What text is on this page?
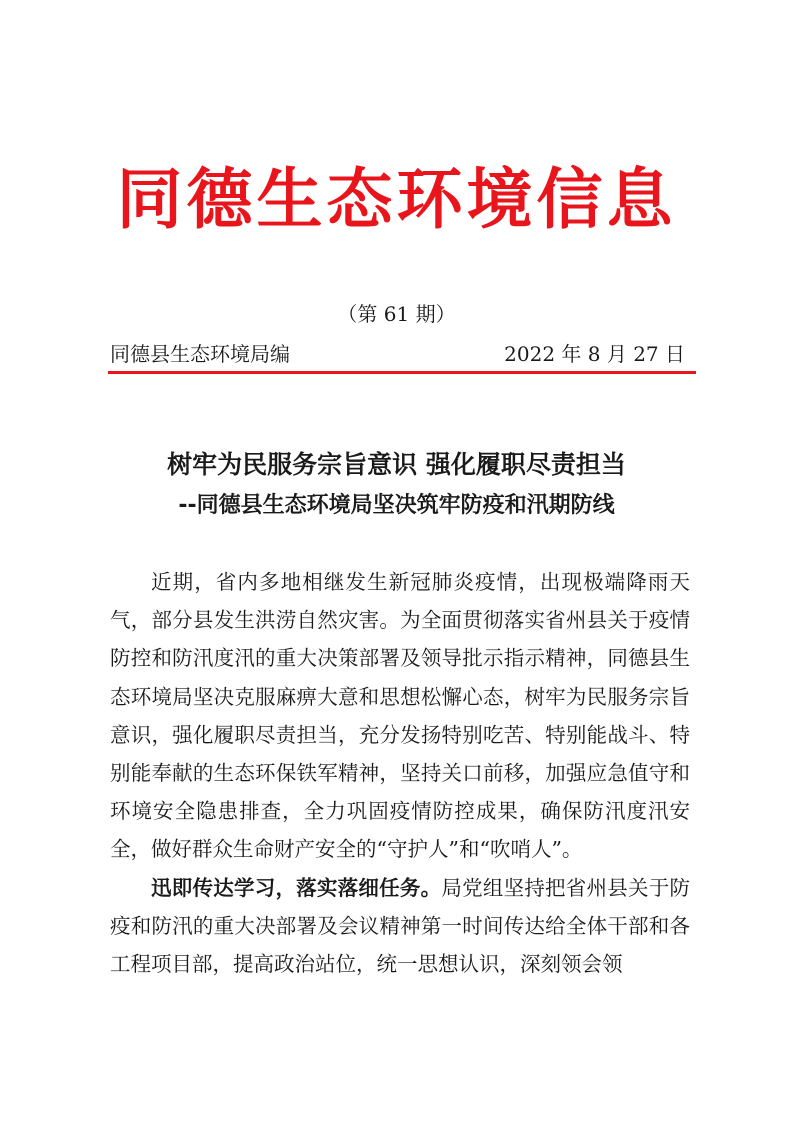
同德生态环境信息
（第 61 期）
同德县生态环境局编	2022 年 8 月 27 日
树牢为民服务宗旨意识 强化履职尽责担当
--同德县生态环境局坚决筑牢防疫和汛期防线

近期，省内多地相继发生新冠肺炎疫情，出现极端降雨天气，部分县发生洪涝自然灾害。为全面贯彻落实省州县关于疫情防控和防汛度汛的重大决策部署及领导批示指示精神，同德县生态环境局坚决克服麻痹大意和思想松懈心态，树牢为民服务宗旨意识，强化履职尽责担当，充分发扬特别吃苦、特别能战斗、特别能奉献的生态环保铁军精神，坚持关口前移，加强应急值守和环境安全隐患排查，全力巩固疫情防控成果，确保防汛度汛安全，做好群众生命财产安全的“守护人”和“吹哨人”。

迅即传达学习，落实落细任务。局党组坚持把省州县关于防疫和防汛的重大决部署及会议精神第一时间传达给全体干部和各工程项目部，提高政治站位，统一思想认识，深刻领会领
